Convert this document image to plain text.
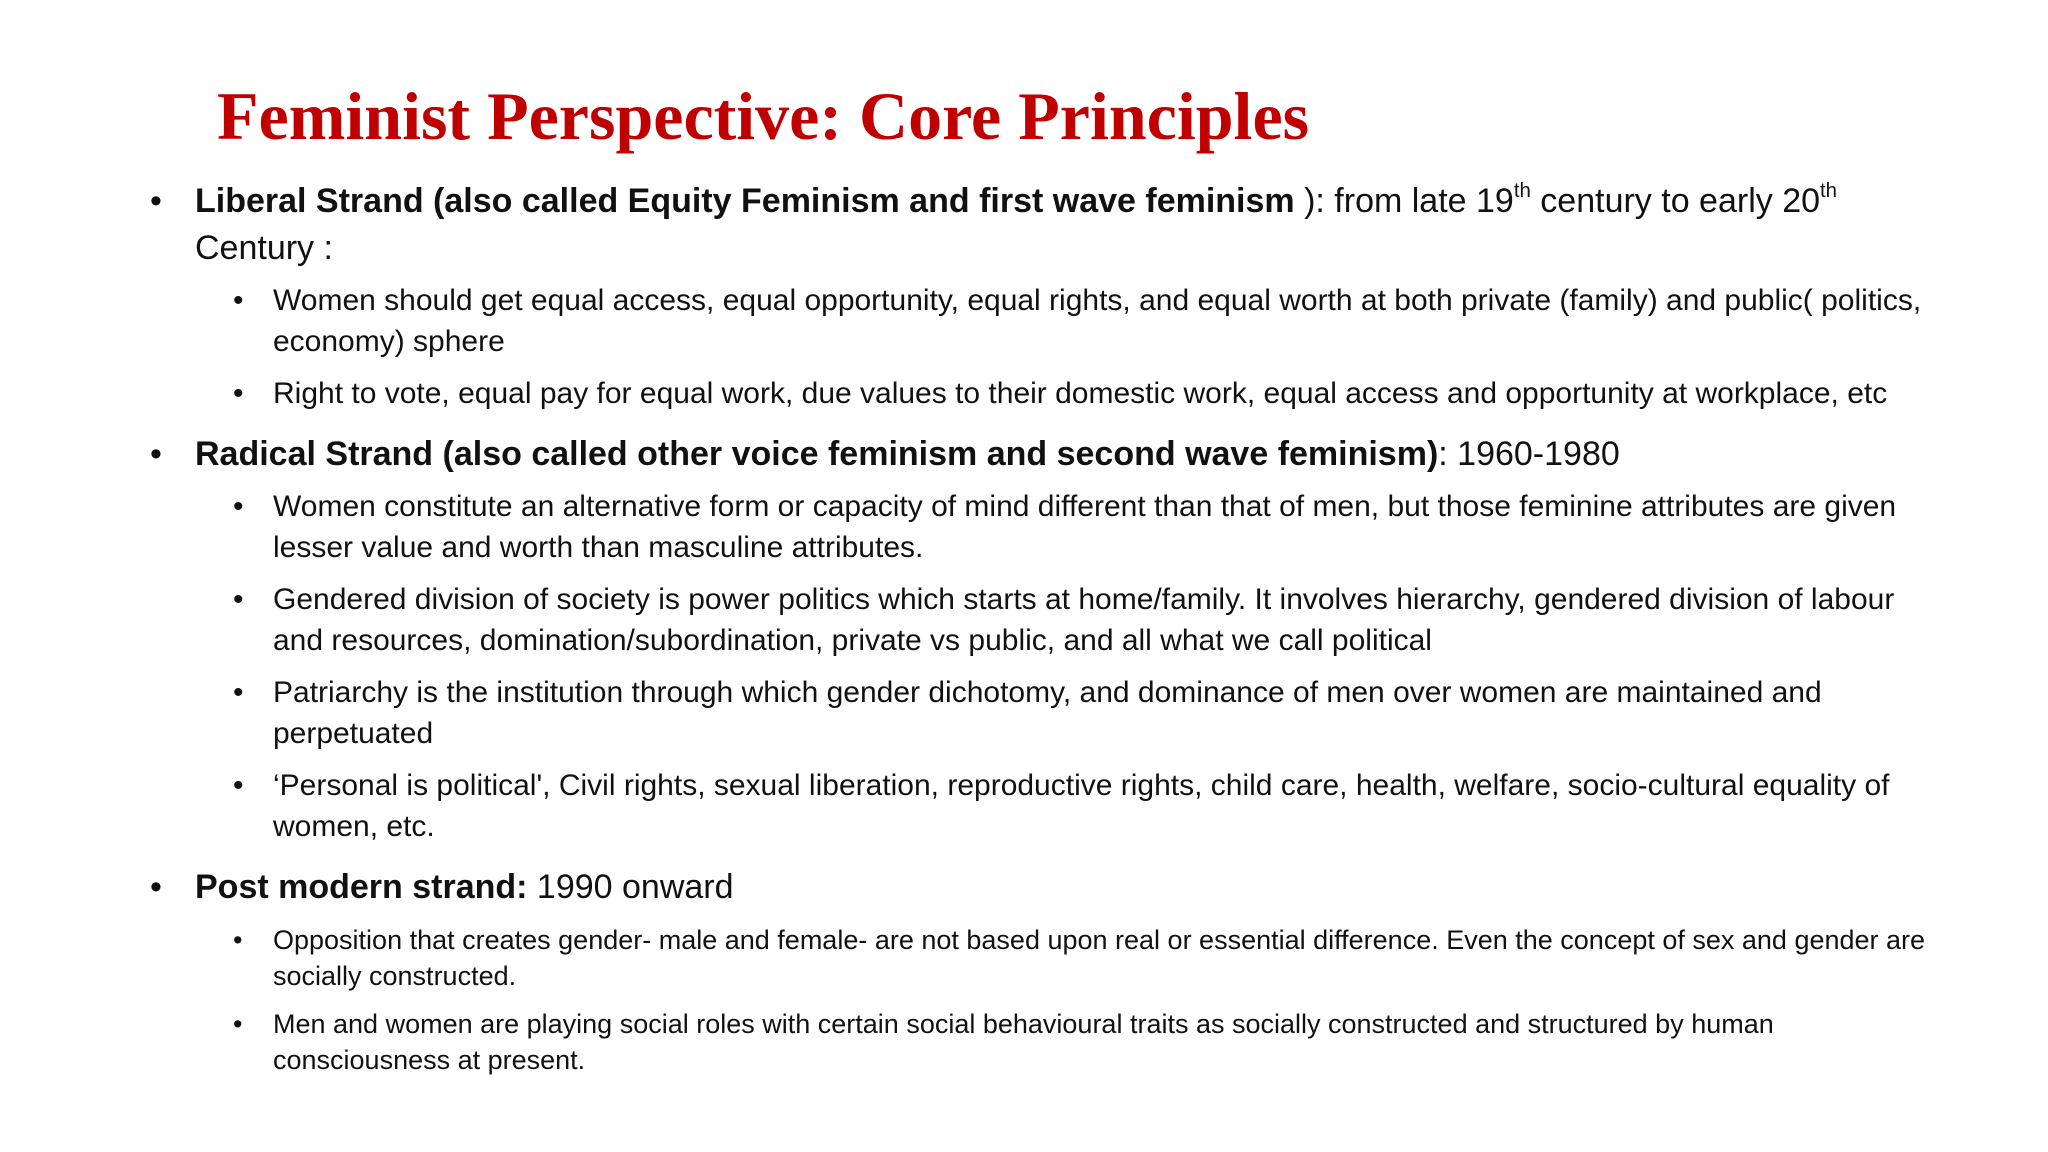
Feminist Perspective: Core Principles
• Liberal Strand (also called Equity Feminism and first wave feminism ): from late 19th century to early 20th
Century :
• Women should get equal access, equal opportunity, equal rights, and equal worth at both private (family) and public( politics, economy) sphere
• Right to vote, equal pay for equal work, due values to their domestic work, equal access and opportunity at workplace, etc
• Radical Strand (also called other voice feminism and second wave feminism): 1960-1980
• Women constitute an alternative form or capacity of mind different than that of men, but those feminine attributes are given lesser value and worth than masculine attributes.
• Gendered division of society is power politics which starts at home/family. It involves hierarchy, gendered division of labour and resources, domination/subordination, private vs public, and all what we call political
• Patriarchy is the institution through which gender dichotomy, and dominance of men over women are maintained and perpetuated
• ‘Personal is political', Civil rights, sexual liberation, reproductive rights, child care, health, welfare, socio-cultural equality of women, etc.
• Post modern strand: 1990 onward
• Opposition that creates gender- male and female- are not based upon real or essential difference. Even the concept of sex and gender are socially constructed.
• Men and women are playing social roles with certain social behavioural traits as socially constructed and structured by human consciousness at present.
